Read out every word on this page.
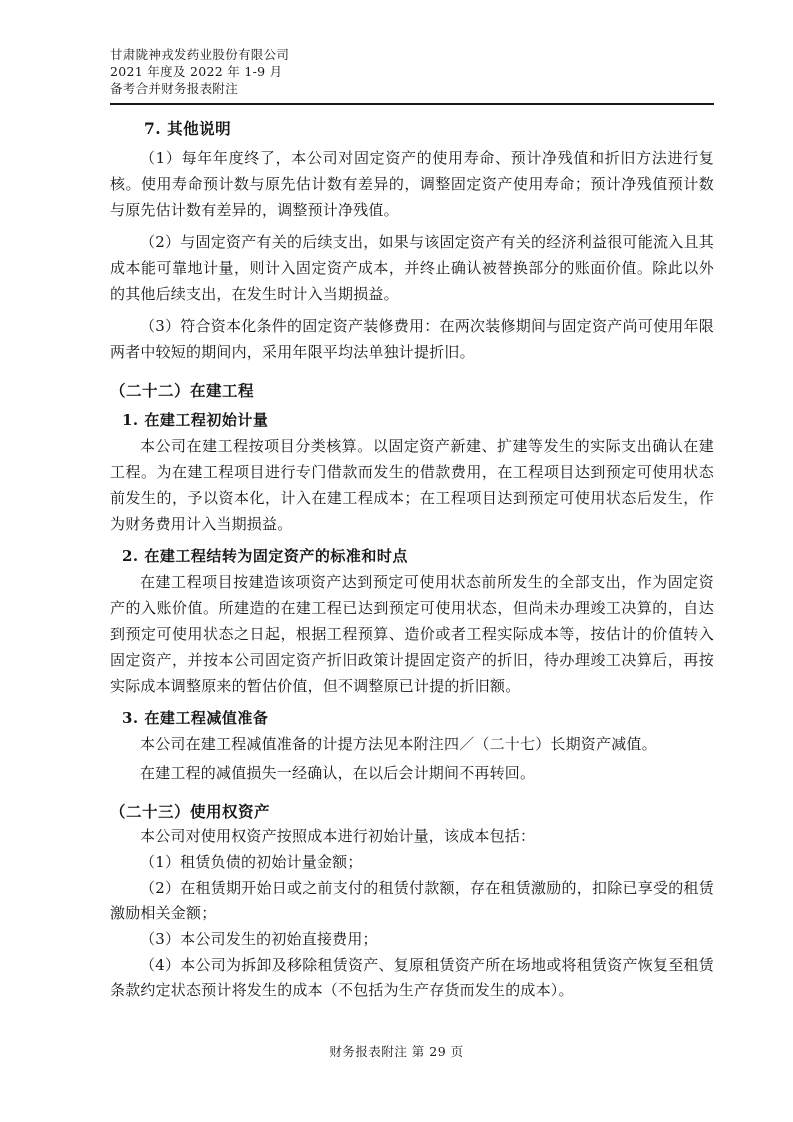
甘肃陇神戎发药业股份有限公司
2021 年度及 2022 年 1-9 月
备考合并财务报表附注
7. 其他说明

（1）每年年度终了，本公司对固定资产的使用寿命、预计净残值和折旧方法进行复核。使用寿命预计数与原先估计数有差异的，调整固定资产使用寿命；预计净残值预计数与原先估计数有差异的，调整预计净残值。

（2）与固定资产有关的后续支出，如果与该固定资产有关的经济利益很可能流入且其成本能可靠地计量，则计入固定资产成本，并终止确认被替换部分的账面价值。除此以外的其他后续支出，在发生时计入当期损益。

（3）符合资本化条件的固定资产装修费用：在两次装修期间与固定资产尚可使用年限两者中较短的期间内，采用年限平均法单独计提折旧。

（二十二）在建工程
1. 在建工程初始计量

本公司在建工程按项目分类核算。以固定资产新建、扩建等发生的实际支出确认在建工程。为在建工程项目进行专门借款而发生的借款费用，在工程项目达到预定可使用状态前发生的，予以资本化，计入在建工程成本；在工程项目达到预定可使用状态后发生，作为财务费用计入当期损益。

2. 在建工程结转为固定资产的标准和时点

在建工程项目按建造该项资产达到预定可使用状态前所发生的全部支出，作为固定资产的入账价值。所建造的在建工程已达到预定可使用状态，但尚未办理竣工决算的，自达到预定可使用状态之日起，根据工程预算、造价或者工程实际成本等，按估计的价值转入固定资产，并按本公司固定资产折旧政策计提固定资产的折旧，待办理竣工决算后，再按实际成本调整原来的暂估价值，但不调整原已计提的折旧额。

3. 在建工程减值准备

本公司在建工程减值准备的计提方法见本附注四／（二十七）长期资产减值。

在建工程的减值损失一经确认，在以后会计期间不再转回。

（二十三）使用权资产

本公司对使用权资产按照成本进行初始计量，该成本包括：

（1）租赁负债的初始计量金额；

（2）在租赁期开始日或之前支付的租赁付款额，存在租赁激励的，扣除已享受的租赁激励相关金额；

（3）本公司发生的初始直接费用；

（4）本公司为拆卸及移除租赁资产、复原租赁资产所在场地或将租赁资产恢复至租赁条款约定状态预计将发生的成本（不包括为生产存货而发生的成本）。

财务报表附注 第 29 页
